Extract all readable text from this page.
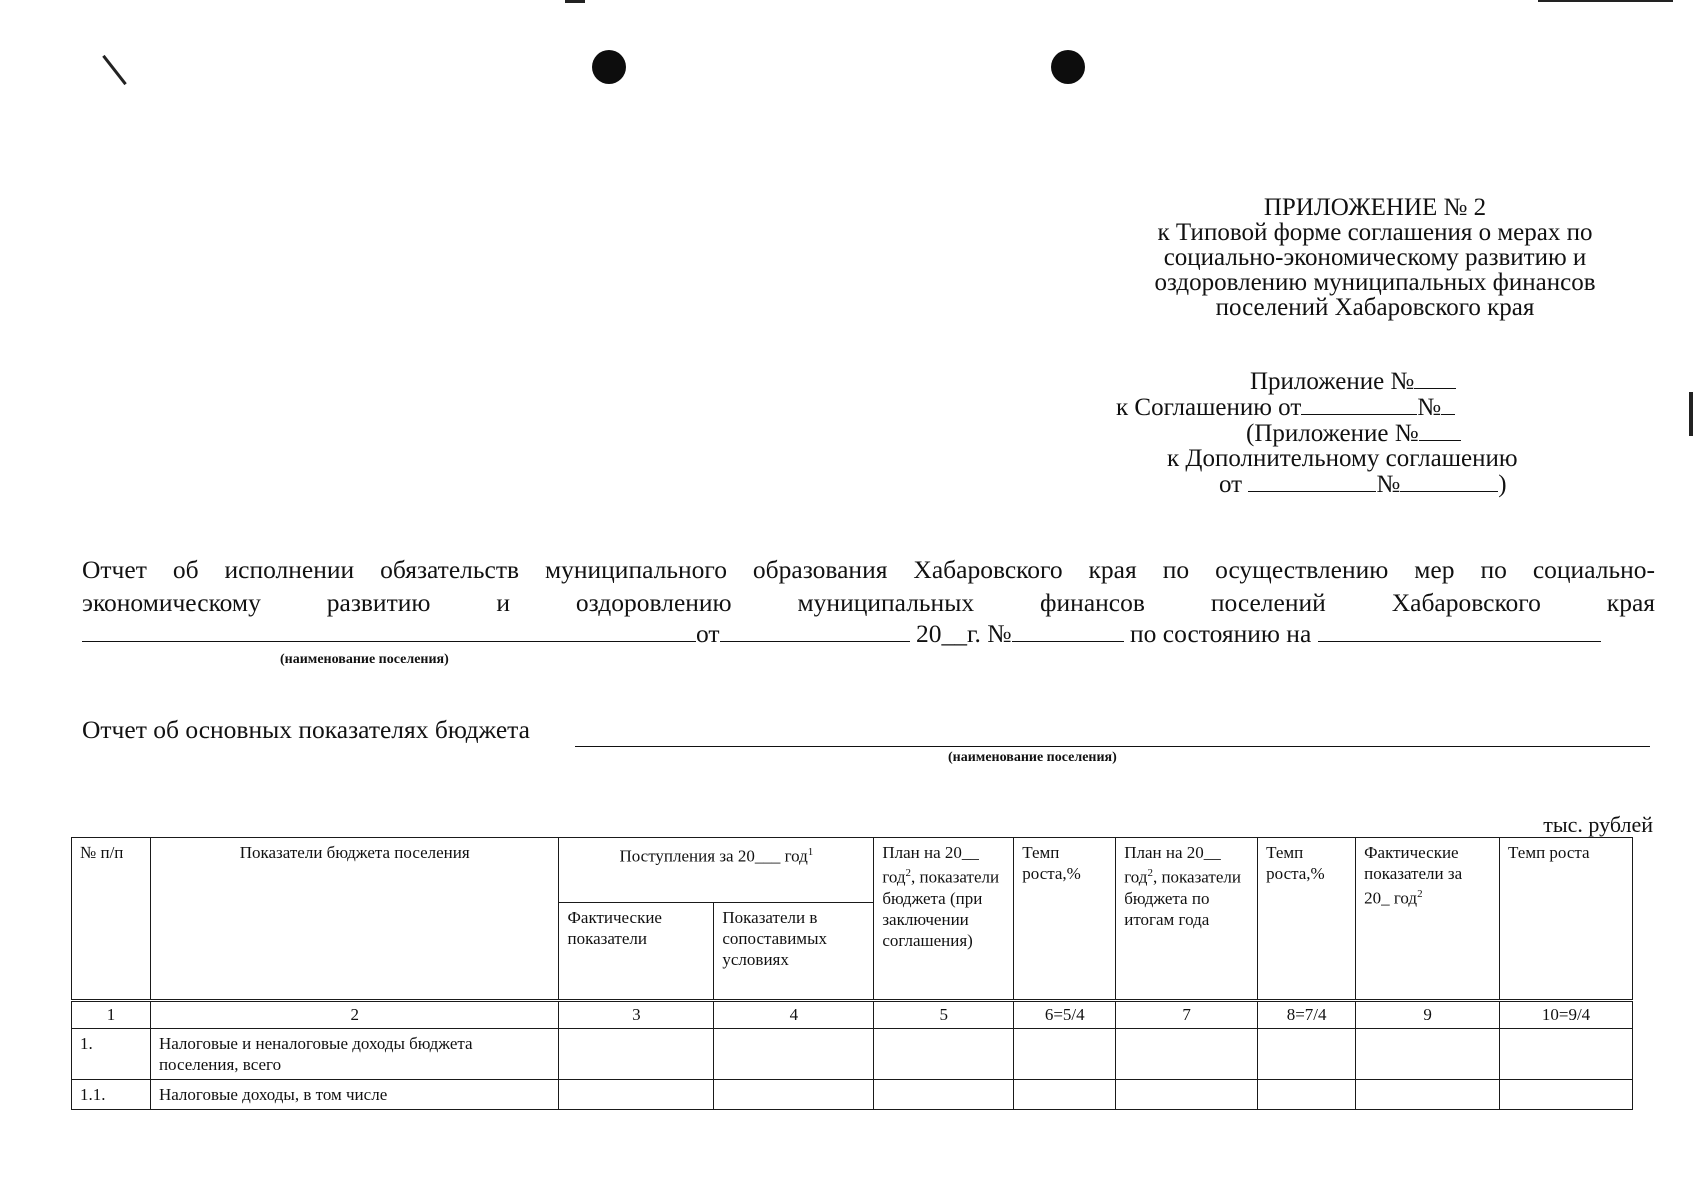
ПРИЛОЖЕНИЕ № 2
к Типовой форме соглашения о мерах по
социально-экономическому развитию и
оздоровлению муниципальных финансов
поселений Хабаровского края
Приложение №
к Соглашению от	№
(Приложение №
к Дополнительному соглашению
от	№	)
Отчет об исполнении обязательств муниципального образования Хабаровского края по осуществлению мер по социально-
экономическому развитию и оздоровлению муниципальных финансов поселений Хабаровского края
от	20__г. №	по состоянию на
(наименование поселения)
Отчет об основных показателях бюджета
(наименование поселения)
тыс. рублей
№ п/п	Показатели бюджета поселения	Поступления за 20___ год$^1$		План на 20__ год$^2$, показатели бюджета (при заключении соглашения)	Темп роста,%	План на 20__ год$^2$, показатели бюджета по итогам года	Темп роста,%	Фактические показатели за 20_ год$^2$	Темп роста
		Фактические показатели	Показатели в сопоставимых условиях						
1	2	3	4	5	6=5/4	7	8=7/4	9	10=9/4
1.	Налоговые и неналоговые доходы бюджета поселения, всего								
1.1.	Налоговые доходы, в том числе								
